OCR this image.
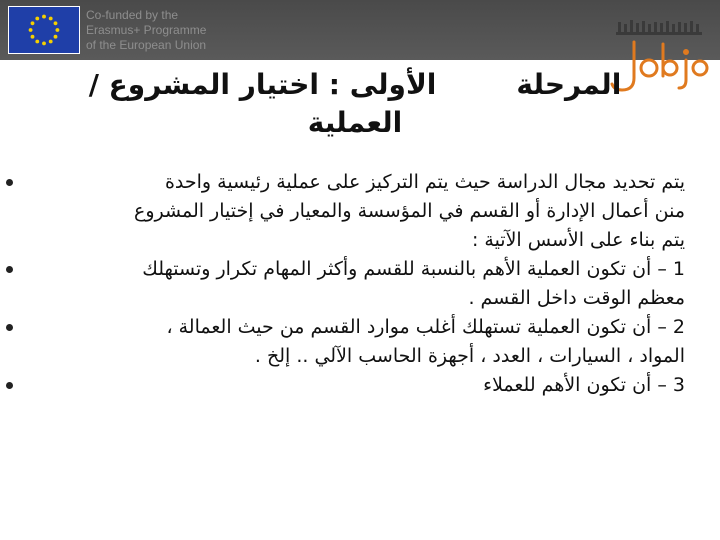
Co-funded by the
Erasmus+ Programme
of the European Union
المرحلةالأولى : اختيار المشروع /
العملية
يتم تحديد مجال الدراسة حيث يتم التركيز على عملية رئيسية واحدة
منن أعمال الإدارة أو القسم في المؤسسة والمعيار في إختيار المشروع
يتم بناء على الأسس الآتية :
1 – أن تكون العملية الأهم بالنسبة للقسم وأكثر المهام تكرار وتستهلك
معظم الوقت داخل القسم .
2 – أن تكون العملية تستهلك أغلب موارد القسم من حيث العمالة ،
المواد ، السيارات ، العدد ، أجهزة الحاسب الآلي .. إلخ .
3 – أن تكون الأهم للعملاء
